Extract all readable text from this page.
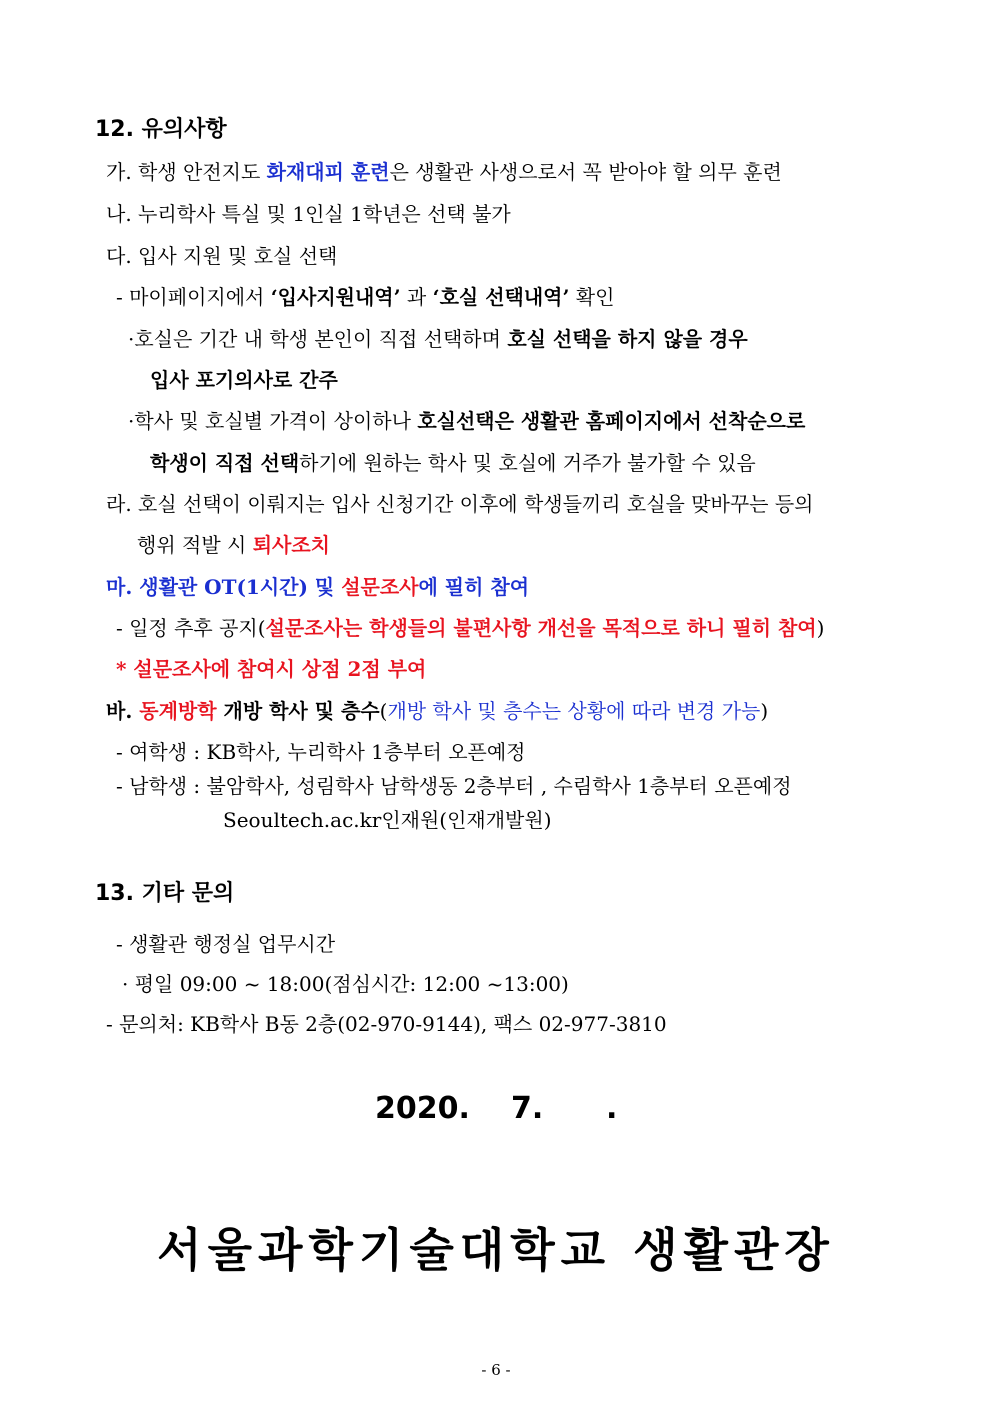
12. 유의사항
가. 학생 안전지도 화재대피 훈련은 생활관 사생으로서 꼭 받아야 할 의무 훈련
나. 누리학사 특실 및 1인실 1학년은 선택 불가
다. 입사 지원 및 호실 선택
- 마이페이지에서 ‘입사지원내역’ 과 ‘호실 선택내역’ 확인
·호실은 기간 내 학생 본인이 직접 선택하며 호실 선택을 하지 않을 경우
입사 포기의사로 간주
·학사 및 호실별 가격이 상이하나 호실선택은 생활관 홈페이지에서 선착순으로
학생이 직접 선택하기에 원하는 학사 및 호실에 거주가 불가할 수 있음
라. 호실 선택이 이뤄지는 입사 신청기간 이후에 학생들끼리 호실을 맞바꾸는 등의
행위 적발 시 퇴사조치
마. 생활관 OT(1시간) 및 설문조사에 필히 참여
- 일정 추후 공지(설문조사는 학생들의 불편사항 개선을 목적으로 하니 필히 참여)
* 설문조사에 참여시 상점 2점 부여
바. 동계방학 개방 학사 및 층수(개방 학사 및 층수는 상황에 따라 변경 가능)
- 여학생 : KB학사, 누리학사 1층부터 오픈예정
- 남학생 : 불암학사, 성림학사 남학생동 2층부터 , 수림학사 1층부터 오픈예정
Seoultech.ac.kr인재원(인재개발원)
13. 기타 문의
- 생활관 행정실 업무시간
· 평일 09:00 ~ 18:00(점심시간: 12:00 ~13:00)
- 문의처: KB학사 B동 2층(02-970-9144), 팩스 02-977-3810
2020. 7. .
서울과학기술대학교 생활관장
- 6 -
